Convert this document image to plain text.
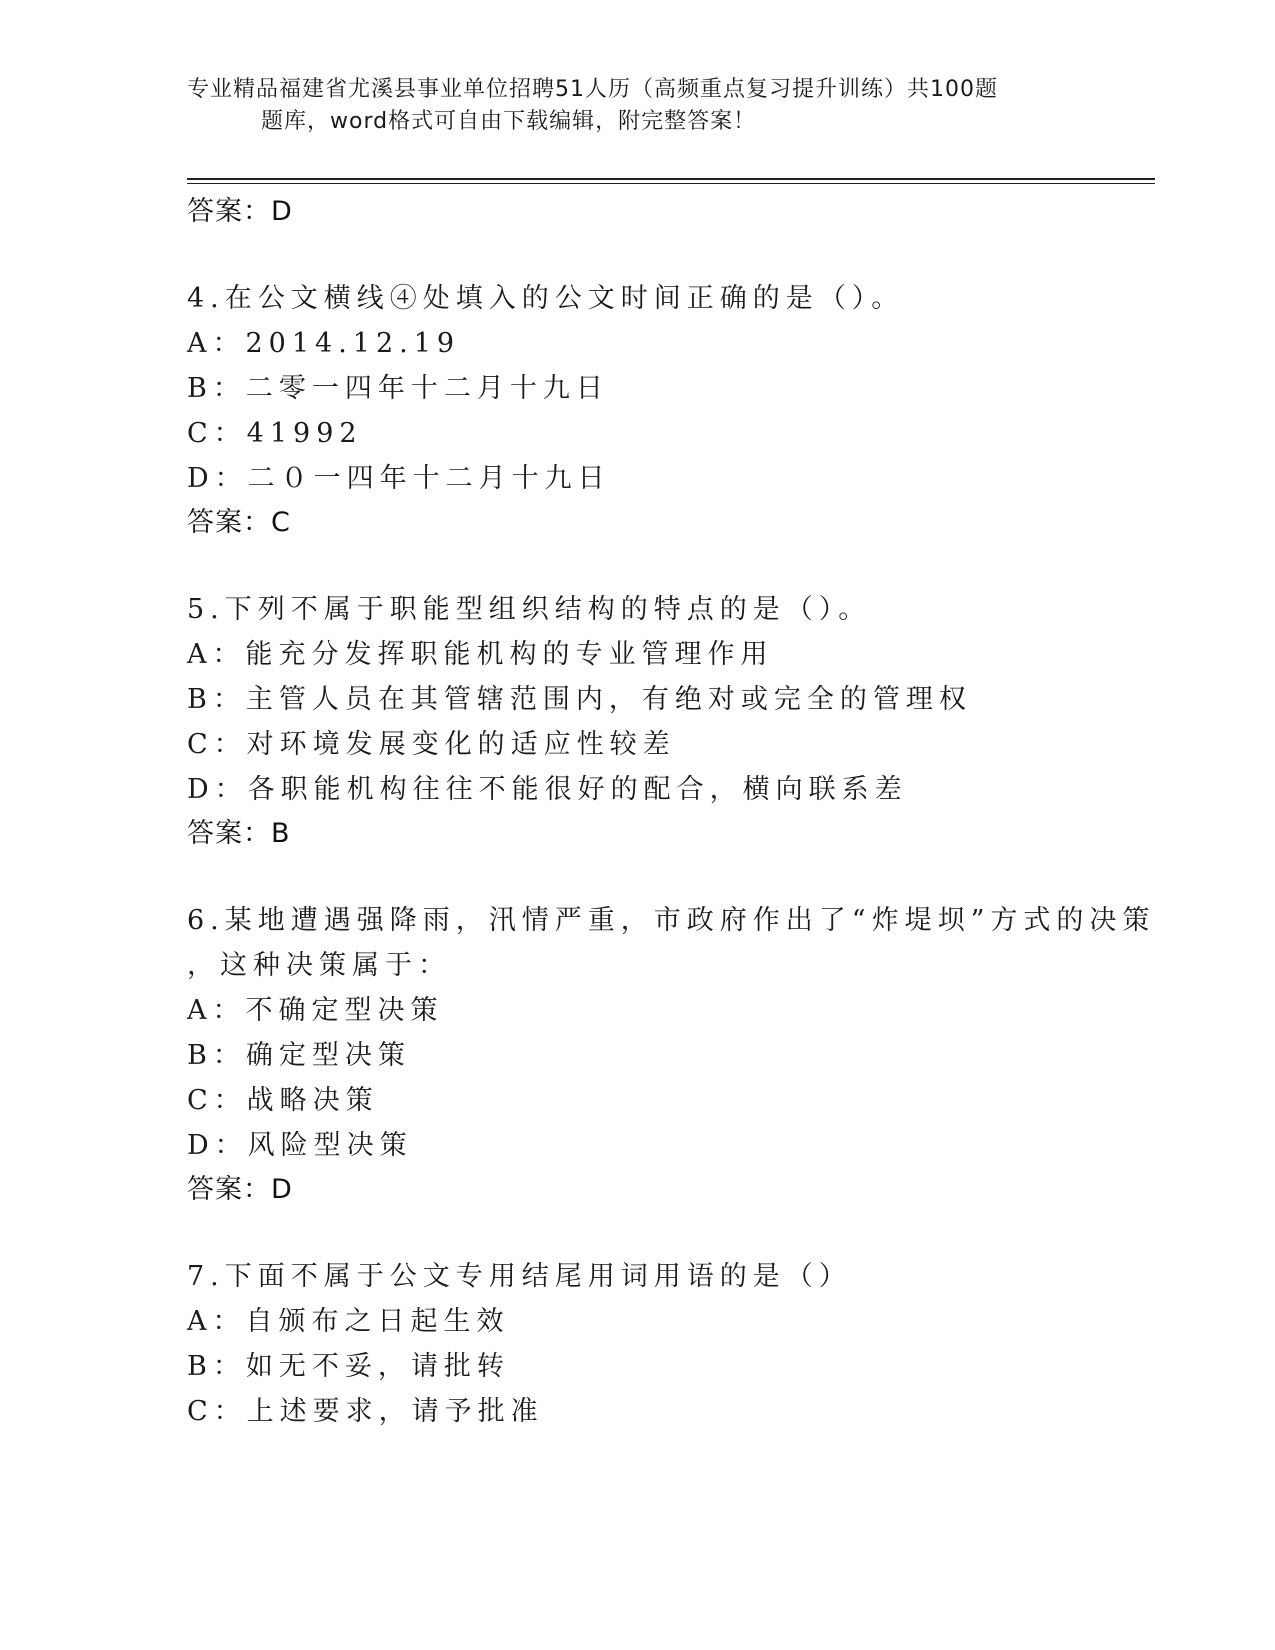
专业精品福建省尤溪县事业单位招聘51人历（高频重点复习提升训练）共100题
题库，word格式可自由下载编辑，附完整答案！
答案：D
4.在公文横线④处填入的公文时间正确的是（）。
A：2014.12.19
B：二零一四年十二月十九日
C：41992
D：二０一四年十二月十九日
答案：C
5.下列不属于职能型组织结构的特点的是（）。
A：能充分发挥职能机构的专业管理作用
B：主管人员在其管辖范围内，有绝对或完全的管理权
C：对环境发展变化的适应性较差
D：各职能机构往往不能很好的配合，横向联系差
答案：B
6.某地遭遇强降雨，汛情严重，市政府作出了“炸堤坝”方式的决策
，这种决策属于：
A：不确定型决策
B：确定型决策
C：战略决策
D：风险型决策
答案：D
7.下面不属于公文专用结尾用词用语的是（）
A：自颁布之日起生效
B：如无不妥，请批转
C：上述要求，请予批准
